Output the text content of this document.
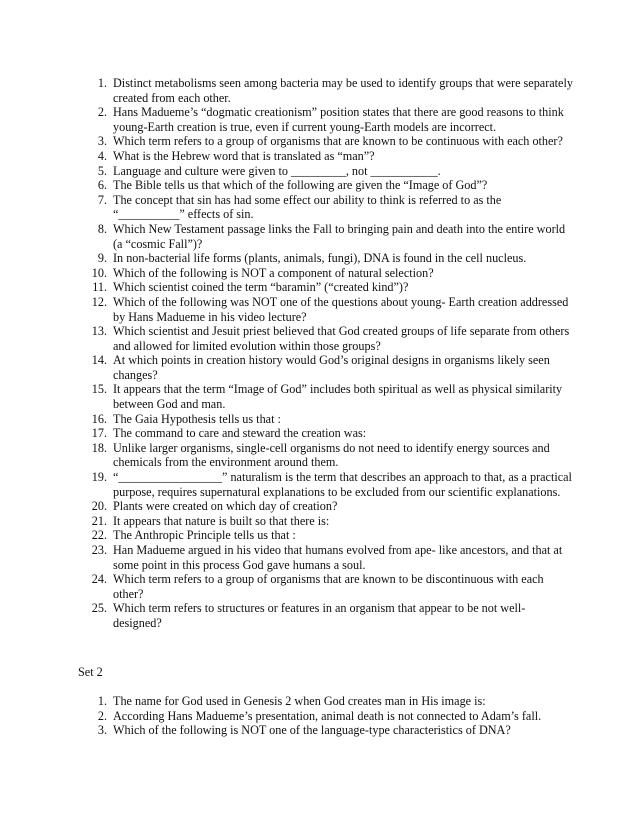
1. Distinct metabolisms seen among bacteria may be used to identify groups that were separately created from each other.
2. Hans Madueme’s “dogmatic creationism” position states that there are good reasons to think young-Earth creation is true, even if current young-Earth models are incorrect.
3. Which term refers to a group of organisms that are known to be continuous with each other?
4. What is the Hebrew word that is translated as “man”?
5. Language and culture were given to _________, not ___________.
6. The Bible tells us that which of the following are given the “Image of God”?
7. The concept that sin has had some effect our ability to think is referred to as the “__________” effects of sin.
8. Which New Testament passage links the Fall to bringing pain and death into the entire world (a “cosmic Fall”)?
9. In non-bacterial life forms (plants, animals, fungi), DNA is found in the cell nucleus.
10. Which of the following is NOT a component of natural selection?
11. Which scientist coined the term “baramin” (“created kind”)?
12. Which of the following was NOT one of the questions about young- Earth creation addressed by Hans Madueme in his video lecture?
13. Which scientist and Jesuit priest believed that God created groups of life separate from others and allowed for limited evolution within those groups?
14. At which points in creation history would God’s original designs in organisms likely seen changes?
15. It appears that the term “Image of God” includes both spiritual as well as physical similarity between God and man.
16. The Gaia Hypothesis tells us that :
17. The command to care and steward the creation was:
18. Unlike larger organisms, single-cell organisms do not need to identify energy sources and chemicals from the environment around them.
19. “_________________” naturalism is the term that describes an approach to that, as a practical purpose, requires supernatural explanations to be excluded from our scientific explanations.
20. Plants were created on which day of creation?
21. It appears that nature is built so that there is:
22. The Anthropic Principle tells us that :
23. Han Madueme argued in his video that humans evolved from ape- like ancestors, and that at some point in this process God gave humans a soul.
24. Which term refers to a group of organisms that are known to be discontinuous with each other?
25. Which term refers to structures or features in an organism that appear to be not well-designed?
Set 2
1. The name for God used in Genesis 2 when God creates man in His image is:
2. According Hans Madueme’s presentation, animal death is not connected to Adam’s fall.
3. Which of the following is NOT one of the language-type characteristics of DNA?
